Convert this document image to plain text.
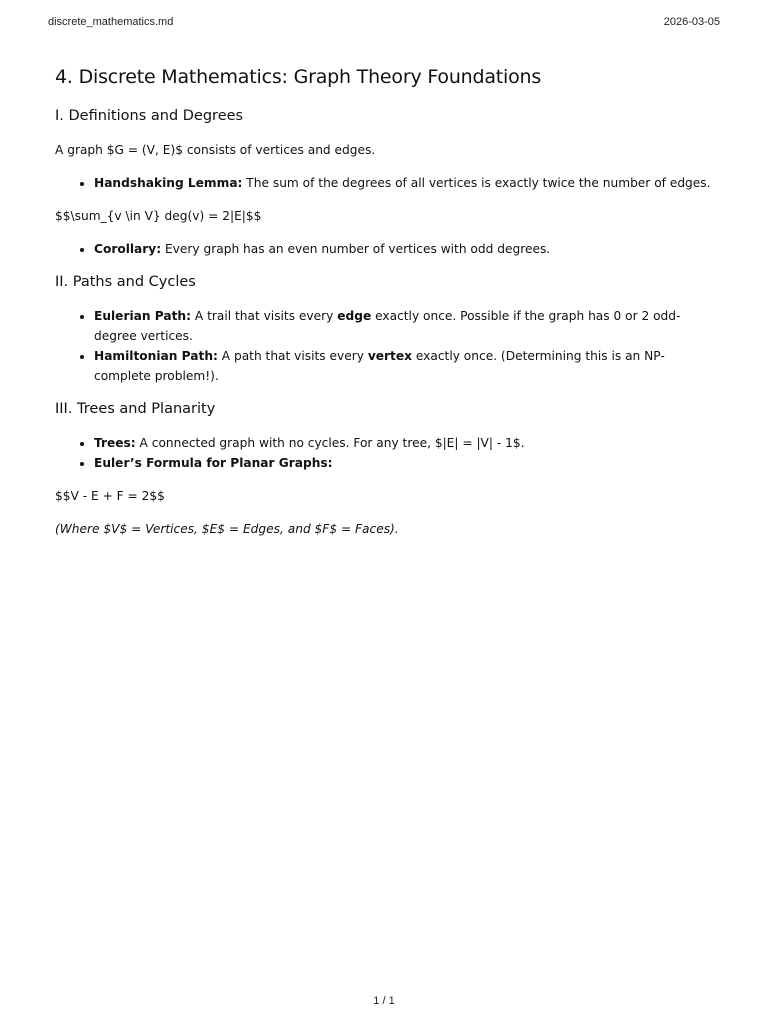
discrete_mathematics.md	2026-03-05
4. Discrete Mathematics: Graph Theory Foundations
I. Definitions and Degrees

A graph $G = (V, E)$ consists of vertices and edges.

• Handshaking Lemma: The sum of the degrees of all vertices is exactly twice the number of edges.

$$\sum_{v \in V} deg(v) = 2|E|$$

• Corollary: Every graph has an even number of vertices with odd degrees.
II. Paths and Cycles
• Eulerian Path: A trail that visits every edge exactly once. Possible if the graph has 0 or 2 odd-degree vertices.
• Hamiltonian Path: A path that visits every vertex exactly once. (Determining this is an NP-complete problem!).
III. Trees and Planarity
• Trees: A connected graph with no cycles. For any tree, $|E| = |V| - 1$.
• Euler’s Formula for Planar Graphs:

$$V - E + F = 2$$

(Where $V$ = Vertices, $E$ = Edges, and $F$ = Faces).

1 / 1
